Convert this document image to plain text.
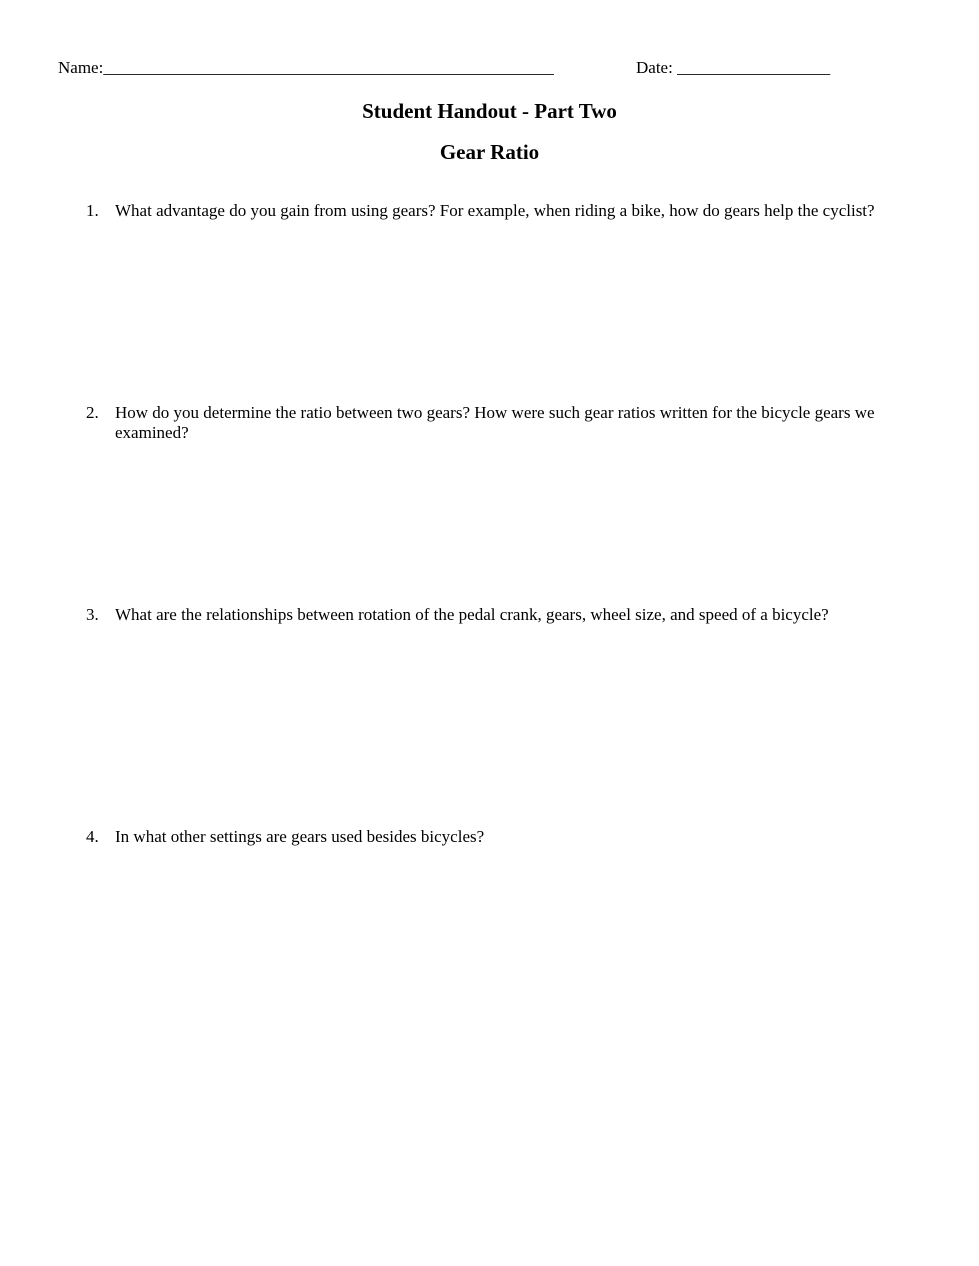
Name:_____________________________________________________	Date: __________________
Student Handout - Part Two
Gear Ratio
1. What advantage do you gain from using gears? For example, when riding a bike, how do gears help the cyclist?
2. How do you determine the ratio between two gears? How were such gear ratios written for the bicycle gears we examined?
3. What are the relationships between rotation of the pedal crank, gears, wheel size, and speed of a bicycle?
4. In what other settings are gears used besides bicycles?
